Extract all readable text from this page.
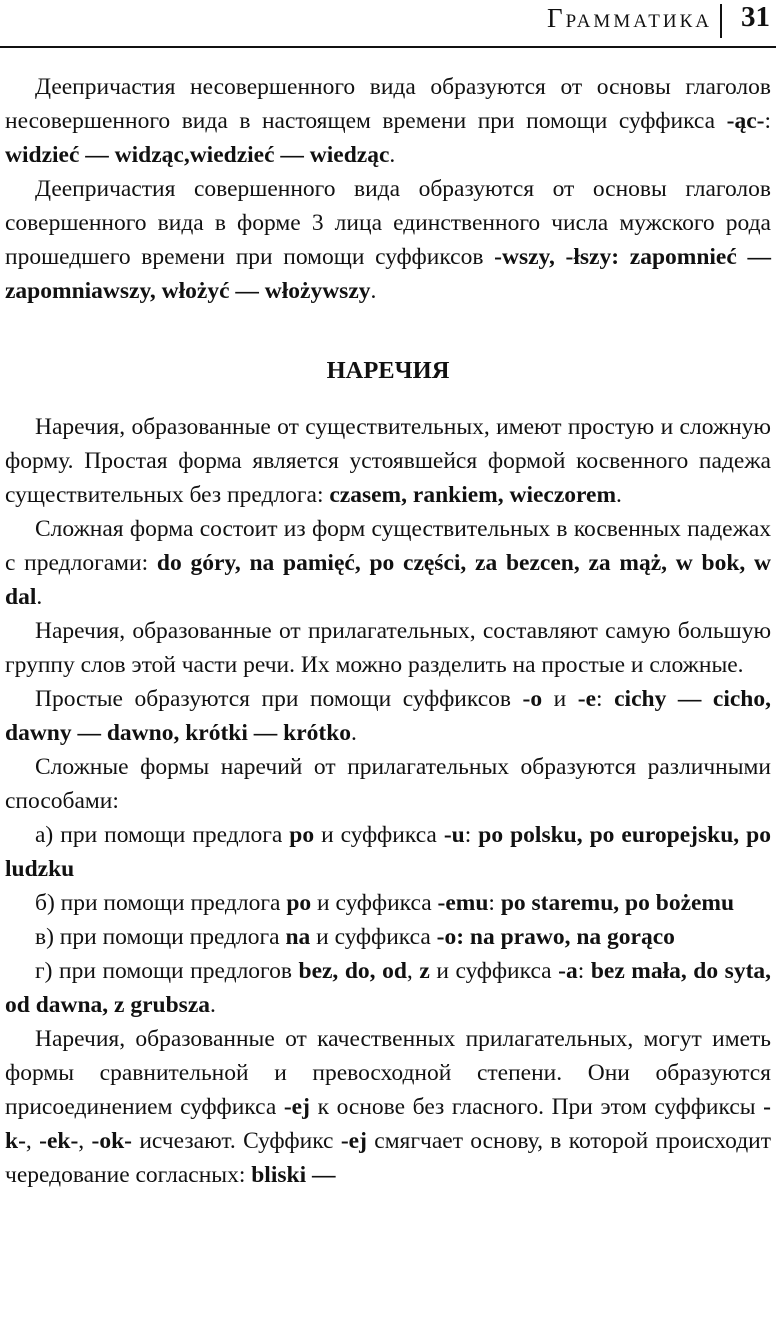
Грамматика 31

Деепричастия несовершенного вида образуются от основы глаголов несовершенного вида в настоящем времени при помощи суффикса -ąc-: widzieć — widząc,wiedzieć — wiedząc.

Деепричастия совершенного вида образуются от основы глаголов совершенного вида в форме 3 лица единственного числа мужского рода прошедшего времени при помощи суффиксов -wszy, -łszy: zapomnieć — zapomniawszy, włożyć — włożywszy.

НАРЕЧИЯ

Наречия, образованные от существительных, имеют простую и сложную форму. Простая форма является устоявшейся формой косвенного падежа существительных без предлога: czasem, rankiem, wieczorem.

Сложная форма состоит из форм существительных в косвенных падежах с предлогами: do góry, na pamięć, po części, za bezcen, za mąż, w bok, w dal.

Наречия, образованные от прилагательных, составляют самую большую группу слов этой части речи. Их можно разделить на простые и сложные.

Простые образуются при помощи суффиксов -o и -e: cichy — cicho, dawny — dawno, krótki — krótko.

Сложные формы наречий от прилагательных образуются различными способами:

а) при помощи предлога po и суффикса -u: po polsku, po europejsku, po ludzku

б) при помощи предлога po и суффикса -emu: po staremu, po bożemu

в) при помощи предлога na и суффикса -o: na prawo, na gorąco

г) при помощи предлогов bez, do, od, z и суффикса -a: bez mała, do syta, od dawna, z grubsza.

Наречия, образованные от качественных прилагательных, могут иметь формы сравнительной и превосходной степени. Они образуются присоединением суффикса -ej к основе без гласного. При этом суффиксы -k-, -ek-, -ok- исчезают. Суффикс -ej смягчает основу, в которой происходит чередование согласных: bliski —
